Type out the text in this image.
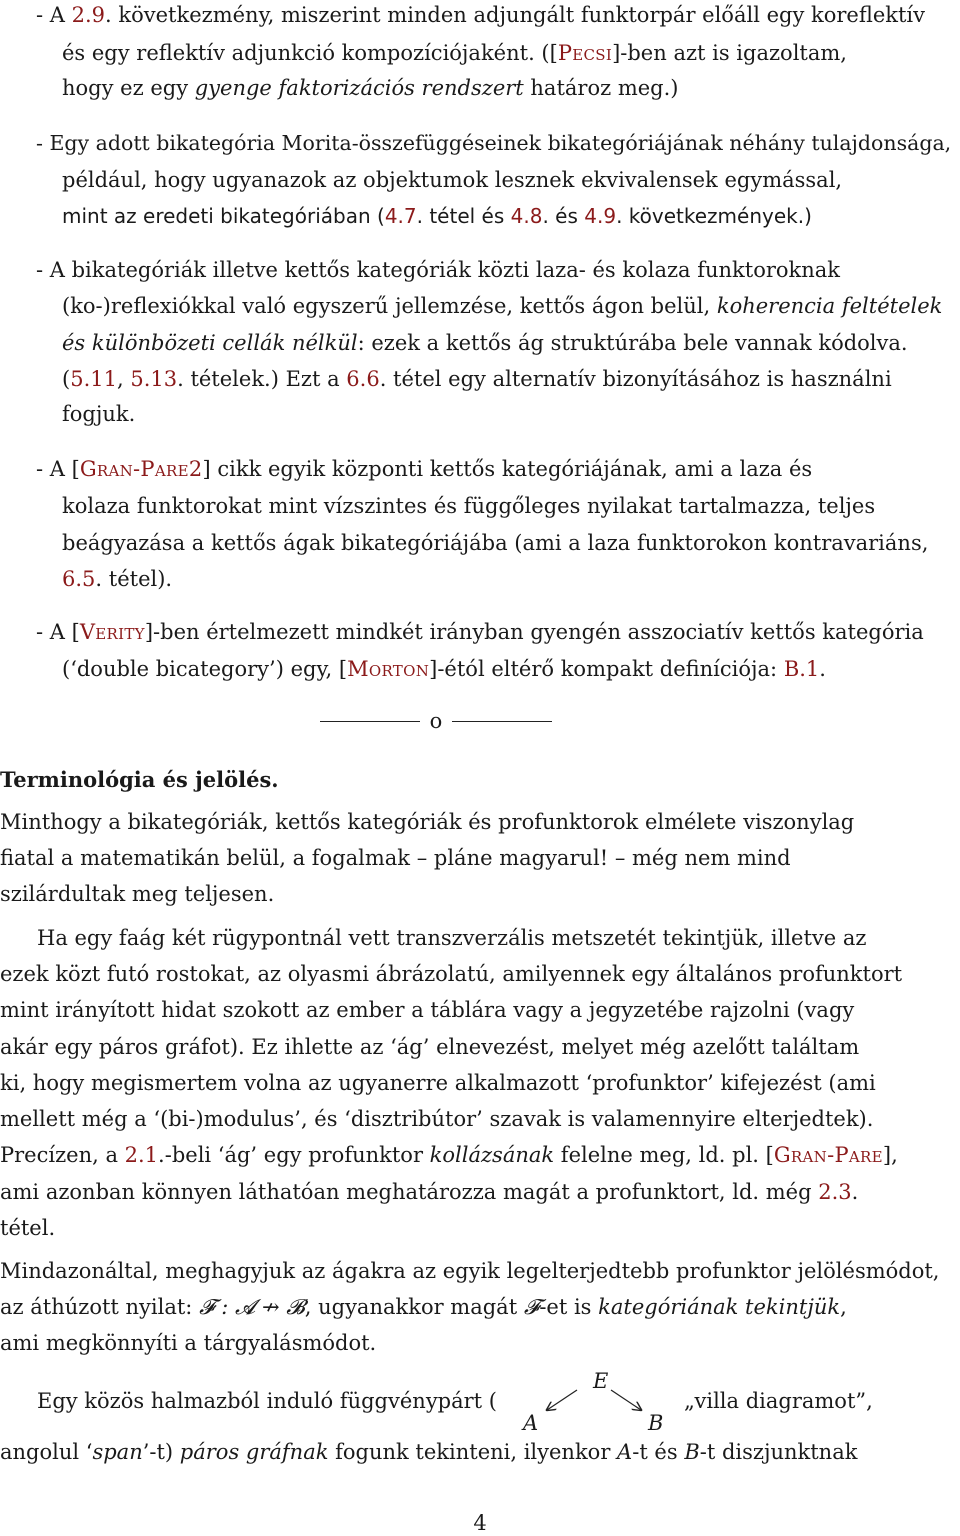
- A 2.9. következmény, miszerint minden adjungált funktorpár előáll egy koreflektív
és egy reflektív adjunkció kompozíciójaként. ([Pecsi]-ben azt is igazoltam,
hogy ez egy gyenge faktorizációs rendszert határoz meg.)
- Egy adott bikategória Morita-összefüggéseinek bikategóriájának néhány tulajdonsága,
például, hogy ugyanazok az objektumok lesznek ekvivalensek egymással,
mint az eredeti bikategóriában (4.7. tétel és 4.8. és 4.9. következmények.)
- A bikategóriák illetve kettős kategóriák közti laza- és kolaza funktoroknak
(ko-)reflexiókkal való egyszerű jellemzése, kettős ágon belül, koherencia feltételek
és különbözeti cellák nélkül: ezek a kettős ág struktúrába bele vannak kódolva.
(5.11, 5.13. tételek.) Ezt a 6.6. tétel egy alternatív bizonyításához is használni
fogjuk.
- A [Gran-Pare2] cikk egyik központi kettős kategóriájának, ami a laza és
kolaza funktorokat mint vízszintes és függőleges nyilakat tartalmazza, teljes
beágyazása a kettős ágak bikategóriájába (ami a laza funktorokon kontravariáns,
6.5. tétel).
- A [Verity]-ben értelmezett mindkét irányban gyengén asszociatív kettős kategória
(‘double bicategory’) egy, [Morton]-étól eltérő kompakt definíciója: B.1.
o
Terminológia és jelölés.
Minthogy a bikategóriák, kettős kategóriák és profunktorok elmélete viszonylag
fiatal a matematikán belül, a fogalmak – pláne magyarul! – még nem mind
szilárdultak meg teljesen.
Ha egy faág két rügypontnál vett transzverzális metszetét tekintjük, illetve az
ezek közt futó rostokat, az olyasmi ábrázolatú, amilyennek egy általános profunktort
mint irányított hidat szokott az ember a táblára vagy a jegyzetébe rajzolni (vagy
akár egy páros gráfot). Ez ihlette az ‘ág’ elnevezést, melyet még azelőtt találtam
ki, hogy megismertem volna az ugyanerre alkalmazott ‘profunktor’ kifejezést (ami
mellett még a ‘(bi-)modulus’, és ‘disztribútor’ szavak is valamennyire elterjedtek).
Precízen, a 2.1.-beli ‘ág’ egy profunktor kollázsának felelne meg, ld. pl. [Gran-Pare],
ami azonban könnyen láthatóan meghatározza magát a profunktort, ld. még 2.3.
tétel.
Mindazonáltal, meghagyjuk az ágakra az egyik legelterjedtebb profunktor jelölésmódot,
az áthúzott nyilat: 𝓕 : 𝓐 ↛ 𝓑, ugyanakkor magát 𝓕-et is kategóriának tekintjük,
ami megkönnyíti a tárgyalásmódot.
Egy közös halmazból induló függvénypárt (
E
A	B
„villa diagramot”,
angolul ‘span’-t) páros gráfnak fogunk tekinteni, ilyenkor A-t és B-t diszjunktnak
4
